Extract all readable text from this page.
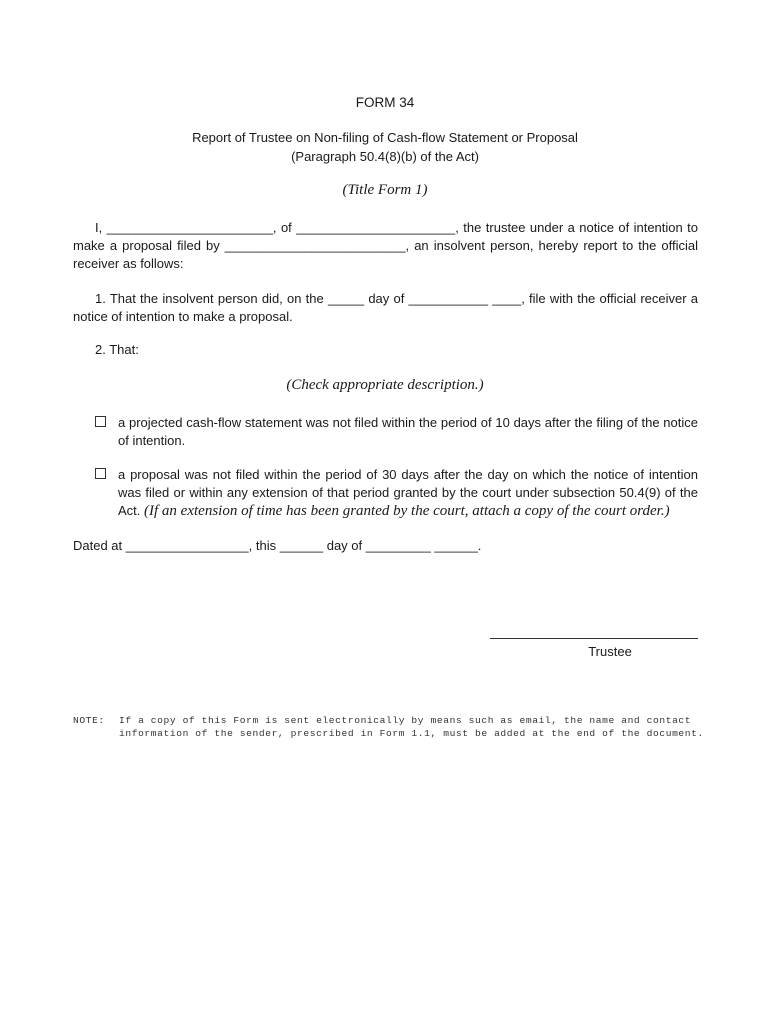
FORM 34
Report of Trustee on Non-filing of Cash-flow Statement or Proposal
(Paragraph 50.4(8)(b) of the Act)
(Title Form 1)
I, _______________________, of ______________________, the trustee under a notice of intention to make a proposal filed by _________________________, an insolvent person, hereby report to the official receiver as follows:
1. That the insolvent person did, on the _____ day of ___________ ____, file with the official receiver a notice of intention to make a proposal.
2. That:
(Check appropriate description.)
a projected cash-flow statement was not filed within the period of 10 days after the filing of the notice of intention.
a proposal was not filed within the period of 30 days after the day on which the notice of intention was filed or within any extension of that period granted by the court under subsection 50.4(9) of the Act. (If an extension of time has been granted by the court, attach a copy of the court order.)
Dated at _________________, this ______ day of _________ ______.
Trustee
NOTE: If a copy of this Form is sent electronically by means such as email, the name and contact information of the sender, prescribed in Form 1.1, must be added at the end of the document.
